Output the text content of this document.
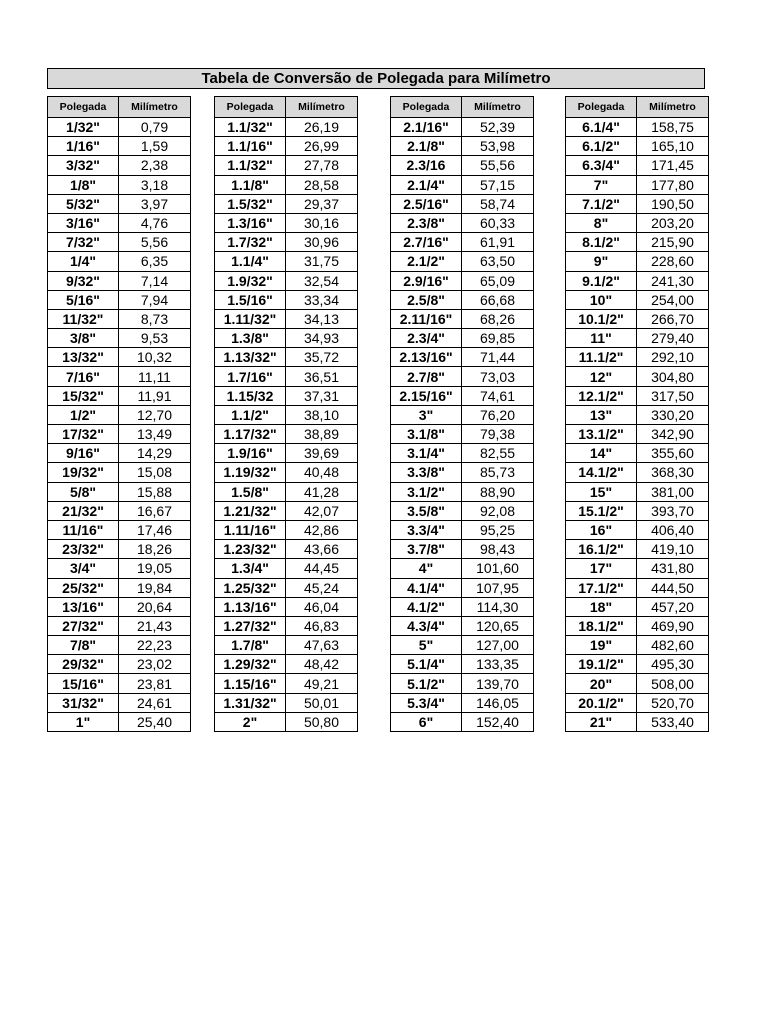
Tabela de Conversão de Polegada para Milímetro
Polegada	Milímetro
1/32"	0,79
1/16"	1,59
3/32"	2,38
1/8"	3,18
5/32"	3,97
3/16"	4,76
7/32"	5,56
1/4"	6,35
9/32"	7,14
5/16"	7,94
11/32"	8,73
3/8"	9,53
13/32"	10,32
7/16"	11,11
15/32"	11,91
1/2"	12,70
17/32"	13,49
9/16"	14,29
19/32"	15,08
5/8"	15,88
21/32"	16,67
11/16"	17,46
23/32"	18,26
3/4"	19,05
25/32"	19,84
13/16"	20,64
27/32"	21,43
7/8"	22,23
29/32"	23,02
15/16"	23,81
31/32"	24,61
1"	25,40
Polegada	Milímetro
1.1/32"	26,19
1.1/16"	26,99
1.1/32"	27,78
1.1/8"	28,58
1.5/32"	29,37
1.3/16"	30,16
1.7/32"	30,96
1.1/4"	31,75
1.9/32"	32,54
1.5/16"	33,34
1.11/32"	34,13
1.3/8"	34,93
1.13/32"	35,72
1.7/16"	36,51
1.15/32	37,31
1.1/2"	38,10
1.17/32"	38,89
1.9/16"	39,69
1.19/32"	40,48
1.5/8"	41,28
1.21/32"	42,07
1.11/16"	42,86
1.23/32"	43,66
1.3/4"	44,45
1.25/32"	45,24
1.13/16"	46,04
1.27/32"	46,83
1.7/8"	47,63
1.29/32"	48,42
1.15/16"	49,21
1.31/32"	50,01
2"	50,80
Polegada	Milímetro
2.1/16"	52,39
2.1/8"	53,98
2.3/16	55,56
2.1/4"	57,15
2.5/16"	58,74
2.3/8"	60,33
2.7/16"	61,91
2.1/2"	63,50
2.9/16"	65,09
2.5/8"	66,68
2.11/16"	68,26
2.3/4"	69,85
2.13/16"	71,44
2.7/8"	73,03
2.15/16"	74,61
3"	76,20
3.1/8"	79,38
3.1/4"	82,55
3.3/8"	85,73
3.1/2"	88,90
3.5/8"	92,08
3.3/4"	95,25
3.7/8"	98,43
4"	101,60
4.1/4"	107,95
4.1/2"	114,30
4.3/4"	120,65
5"	127,00
5.1/4"	133,35
5.1/2"	139,70
5.3/4"	146,05
6"	152,40
Polegada	Milímetro
6.1/4"	158,75
6.1/2"	165,10
6.3/4"	171,45
7"	177,80
7.1/2"	190,50
8"	203,20
8.1/2"	215,90
9"	228,60
9.1/2"	241,30
10"	254,00
10.1/2"	266,70
11"	279,40
11.1/2"	292,10
12"	304,80
12.1/2"	317,50
13"	330,20
13.1/2"	342,90
14"	355,60
14.1/2"	368,30
15"	381,00
15.1/2"	393,70
16"	406,40
16.1/2"	419,10
17"	431,80
17.1/2"	444,50
18"	457,20
18.1/2"	469,90
19"	482,60
19.1/2"	495,30
20"	508,00
20.1/2"	520,70
21"	533,40
